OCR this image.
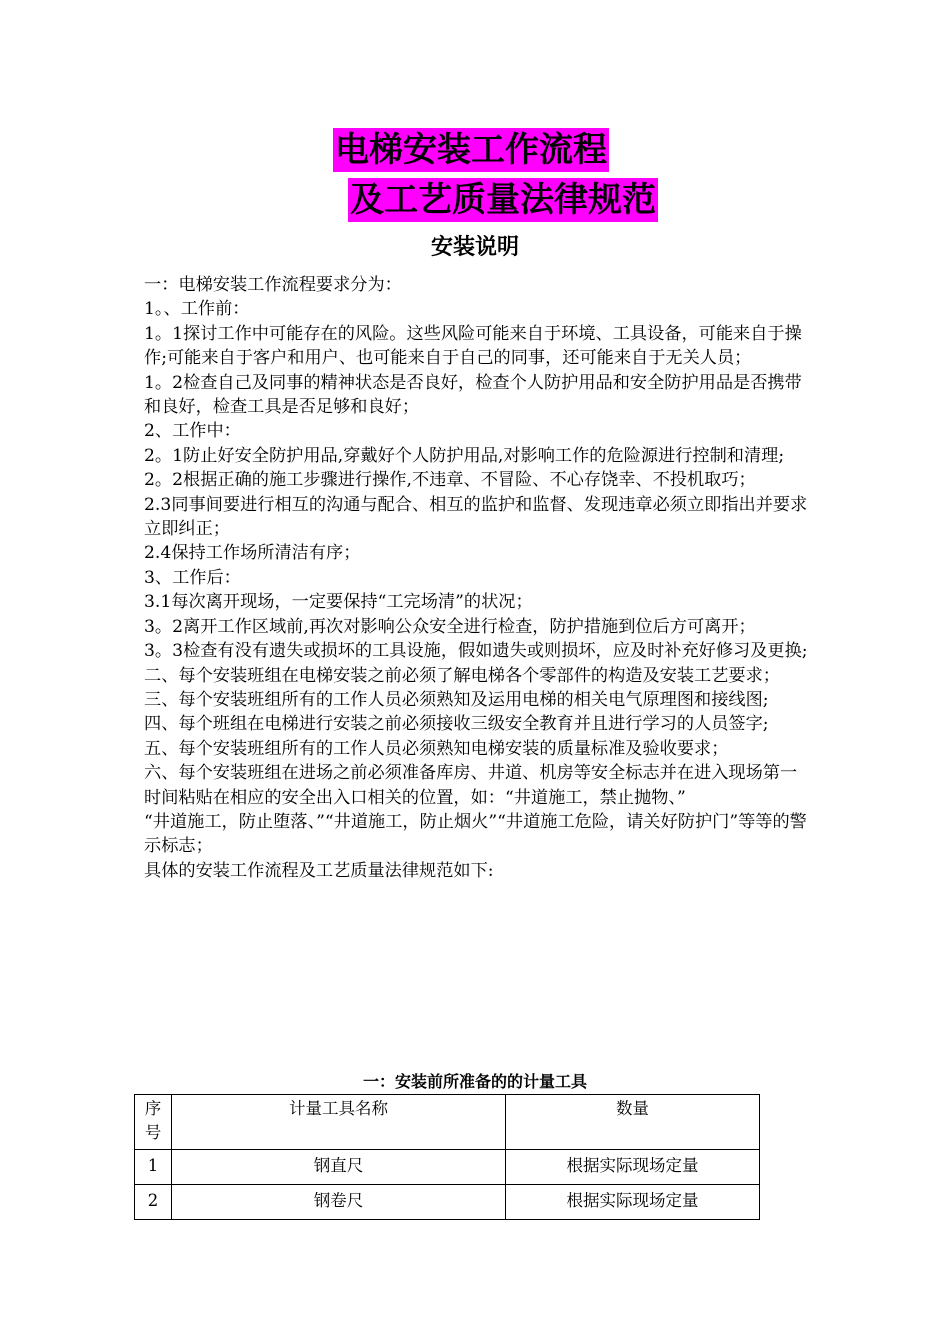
电梯安装工作流程
及工艺质量法律规范
安装说明

一：电梯安装工作流程要求分为：

1。、工作前：

1。1探讨工作中可能存在的风险。这些风险可能来自于环境、工具设备，可能来自于操作;可能来自于客户和用户、也可能来自于自己的同事，还可能来自于无关人员；

1。2检查自己及同事的精神状态是否良好，检查个人防护用品和安全防护用品是否携带和良好，检查工具是否足够和良好；

2、工作中：

2。1防止好安全防护用品,穿戴好个人防护用品,对影响工作的危险源进行控制和清理;

2。2根据正确的施工步骤进行操作,不违章、不冒险、不心存饶幸、不投机取巧；

2.3同事间要进行相互的沟通与配合、相互的监护和监督、发现违章必须立即指出并要求立即纠正；

2.4保持工作场所清洁有序；

3、工作后：

3.1每次离开现场，一定要保持“工完场清”的状况；

3。2离开工作区域前,再次对影响公众安全进行检查，防护措施到位后方可离开；

3。3检查有没有遗失或损坏的工具设施，假如遗失或则损坏，应及时补充好修习及更换;

二、每个安装班组在电梯安装之前必须了解电梯各个零部件的构造及安装工艺要求；

三、每个安装班组所有的工作人员必须熟知及运用电梯的相关电气原理图和接线图;

四、每个班组在电梯进行安装之前必须接收三级安全教育并且进行学习的人员签字;

五、每个安装班组所有的工作人员必须熟知电梯安装的质量标准及验收要求；

六、每个安装班组在进场之前必须准备库房、井道、机房等安全标志并在进入现场第一时间粘贴在相应的安全出入口相关的位置，如：“井道施工，禁止抛物、”

“井道施工，防止堕落、”“井道施工，防止烟火”“井道施工危险，请关好防护门”等等的警示标志；

具体的安装工作流程及工艺质量法律规范如下:

一：安装前所准备的的计量工具
序号	计量工具名称	数量
1	钢直尺	根据实际现场定量
2	钢卷尺	根据实际现场定量
